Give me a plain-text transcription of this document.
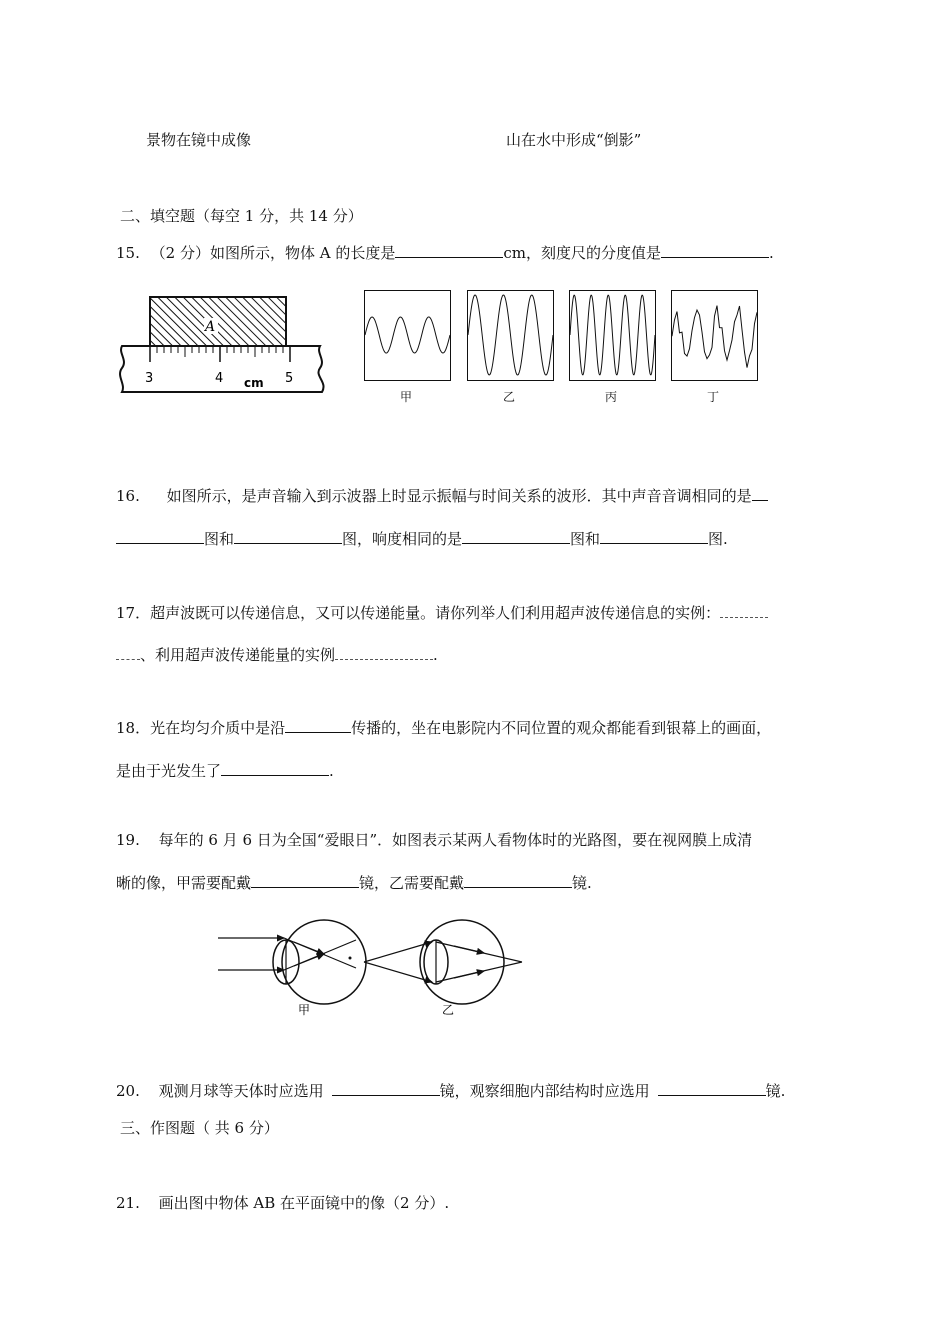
景物在镜中成像	山在水中形成“倒影”
二、填空题（每空 1 分，共 14 分）
15. （2 分）如图所示，物体 A 的长度是	cm，刻度尺的分度值是	.
A
3	4	5
cm
甲	乙	丙	丁
16. 如图所示，是声音输入到示波器上时显示振幅与时间关系的波形．其中声音音调相同的是
图和	图，响度相同的是	图和	图.
17．超声波既可以传递信息，又可以传递能量。请你列举人们利用超声波传递信息的实例：
、利用超声波传递能量的实例	.
18．光在均匀介质中是沿	传播的，坐在电影院内不同位置的观众都能看到银幕上的画面，
是由于光发生了	.
19. 每年的 6 月 6 日为全国“爱眼日”．如图表示某两人看物体时的光路图，要在视网膜上成清
晰的像，甲需要配戴	镜，乙需要配戴	镜.
甲	乙
20. 观测月球等天体时应选用	镜，观察细胞内部结构时应选用	镜.
三、作图题（ 共 6 分）
21. 画出图中物体 AB 在平面镜中的像（2 分）.
